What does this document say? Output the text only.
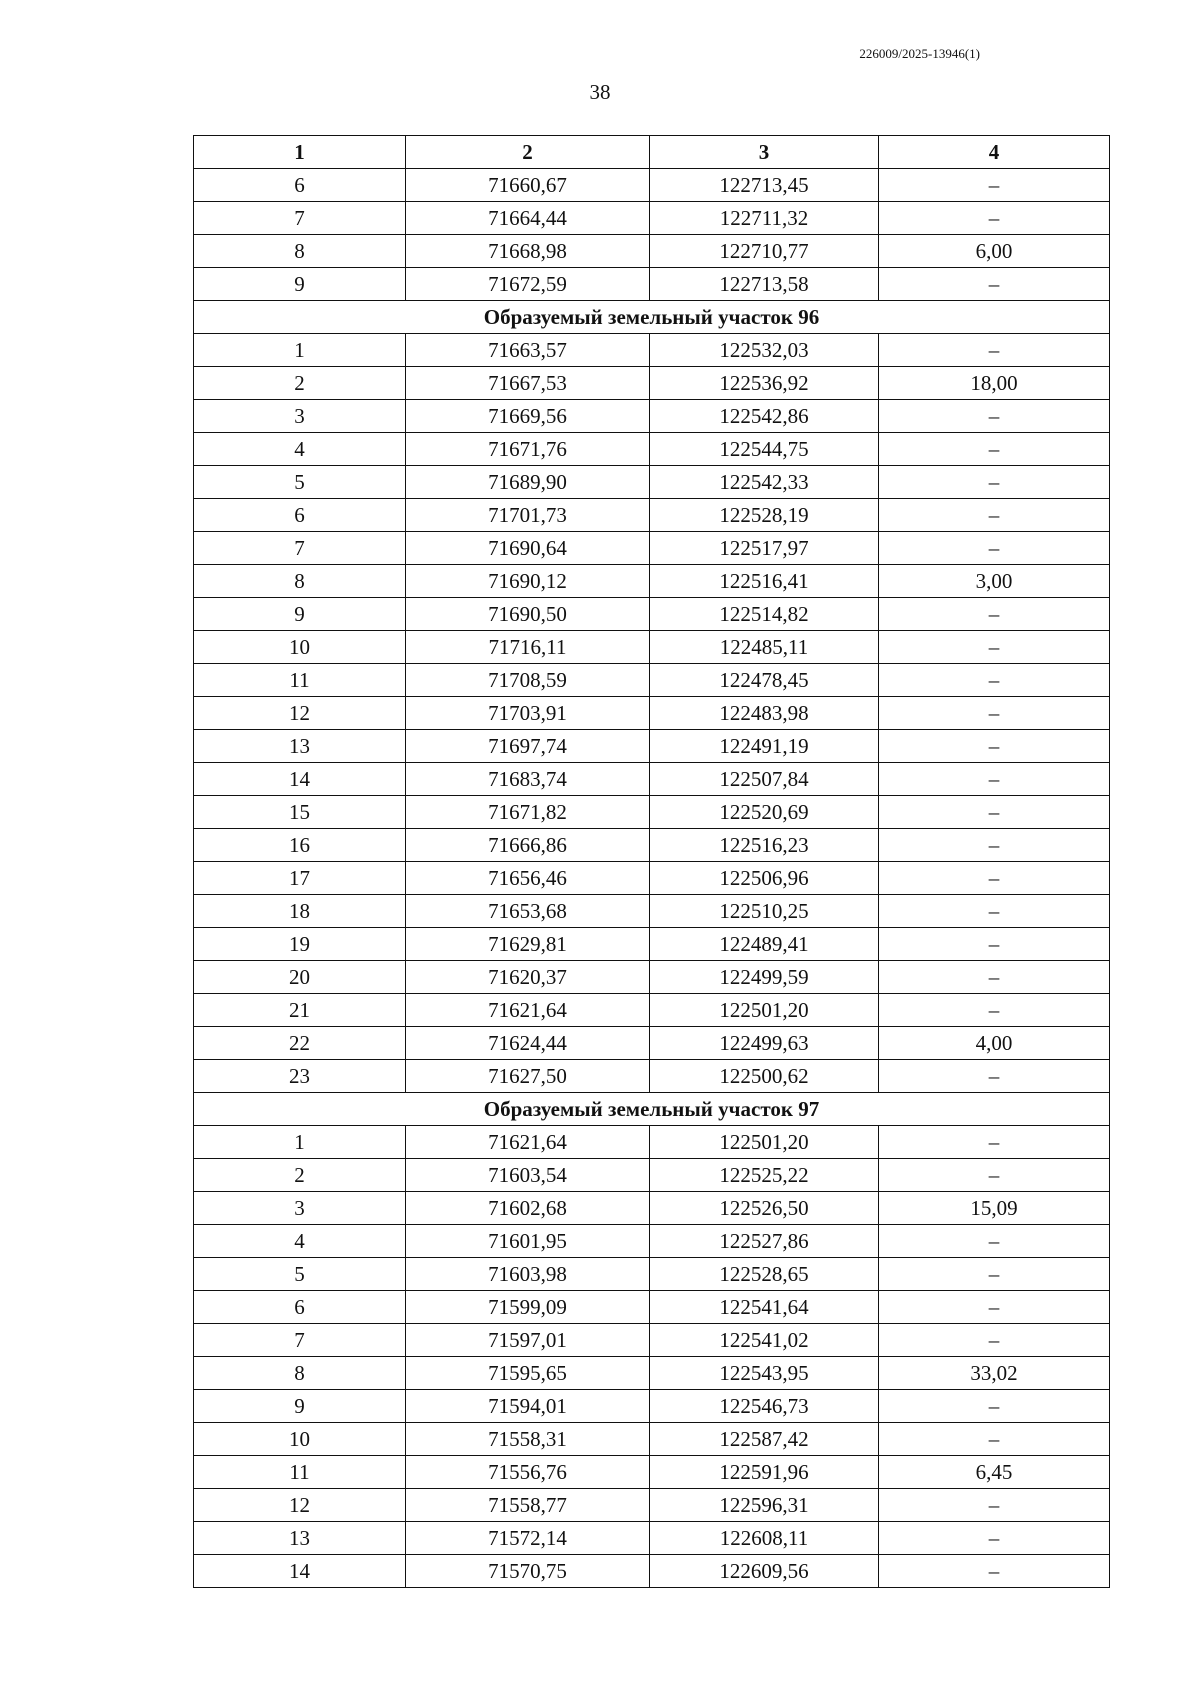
226009/2025-13946(1)
38
1	2	3	4
6	71660,67	122713,45	–
7	71664,44	122711,32	–
8	71668,98	122710,77	6,00
9	71672,59	122713,58	–
Образуемый земельный участок 96			
1	71663,57	122532,03	–
2	71667,53	122536,92	18,00
3	71669,56	122542,86	–
4	71671,76	122544,75	–
5	71689,90	122542,33	–
6	71701,73	122528,19	–
7	71690,64	122517,97	–
8	71690,12	122516,41	3,00
9	71690,50	122514,82	–
10	71716,11	122485,11	–
11	71708,59	122478,45	–
12	71703,91	122483,98	–
13	71697,74	122491,19	–
14	71683,74	122507,84	–
15	71671,82	122520,69	–
16	71666,86	122516,23	–
17	71656,46	122506,96	–
18	71653,68	122510,25	–
19	71629,81	122489,41	–
20	71620,37	122499,59	–
21	71621,64	122501,20	–
22	71624,44	122499,63	4,00
23	71627,50	122500,62	–
Образуемый земельный участок 97			
1	71621,64	122501,20	–
2	71603,54	122525,22	–
3	71602,68	122526,50	15,09
4	71601,95	122527,86	–
5	71603,98	122528,65	–
6	71599,09	122541,64	–
7	71597,01	122541,02	–
8	71595,65	122543,95	33,02
9	71594,01	122546,73	–
10	71558,31	122587,42	–
11	71556,76	122591,96	6,45
12	71558,77	122596,31	–
13	71572,14	122608,11	–
14	71570,75	122609,56	–
